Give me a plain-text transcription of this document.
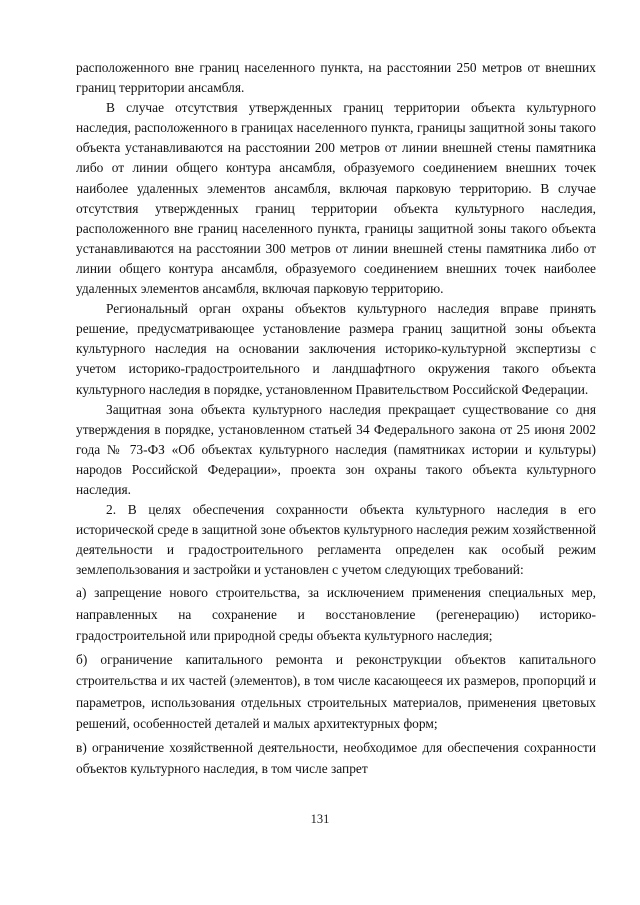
расположенного вне границ населенного пункта, на расстоянии 250 метров от внешних границ территории ансамбля.

В случае отсутствия утвержденных границ территории объекта культурного наследия, расположенного в границах населенного пункта, границы защитной зоны такого объекта устанавливаются на расстоянии 200 метров от линии внешней стены памятника либо от линии общего контура ансамбля, образуемого соединением внешних точек наиболее удаленных элементов ансамбля, включая парковую территорию. В случае отсутствия утвержденных границ территории объекта культурного наследия, расположенного вне границ населенного пункта, границы защитной зоны такого объекта устанавливаются на расстоянии 300 метров от линии внешней стены памятника либо от линии общего контура ансамбля, образуемого соединением внешних точек наиболее удаленных элементов ансамбля, включая парковую территорию.

Региональный орган охраны объектов культурного наследия вправе принять решение, предусматривающее установление размера границ защитной зоны объекта культурного наследия на основании заключения историко-культурной экспертизы с учетом историко-градостроительного и ландшафтного окружения такого объекта культурного наследия в порядке, установленном Правительством Российской Федерации.

Защитная зона объекта культурного наследия прекращает существование со дня утверждения в порядке, установленном статьей 34 Федерального закона от 25 июня 2002 года № 73-ФЗ «Об объектах культурного наследия (памятниках истории и культуры) народов Российской Федерации», проекта зон охраны такого объекта культурного наследия.

2. В целях обеспечения сохранности объекта культурного наследия в его исторической среде в защитной зоне объектов культурного наследия режим хозяйственной деятельности и градостроительного регламента определен как особый режим землепользования и застройки и установлен с учетом следующих требований:

а) запрещение нового строительства, за исключением применения специальных мер, направленных на сохранение и восстановление (регенерацию) историко-градостроительной или природной среды объекта культурного наследия;

б) ограничение капитального ремонта и реконструкции объектов капитального строительства и их частей (элементов), в том числе касающееся их размеров, пропорций и параметров, использования отдельных строительных материалов, применения цветовых решений, особенностей деталей и малых архитектурных форм;

в) ограничение хозяйственной деятельности, необходимое для обеспечения сохранности объектов культурного наследия, в том числе запрет

131
